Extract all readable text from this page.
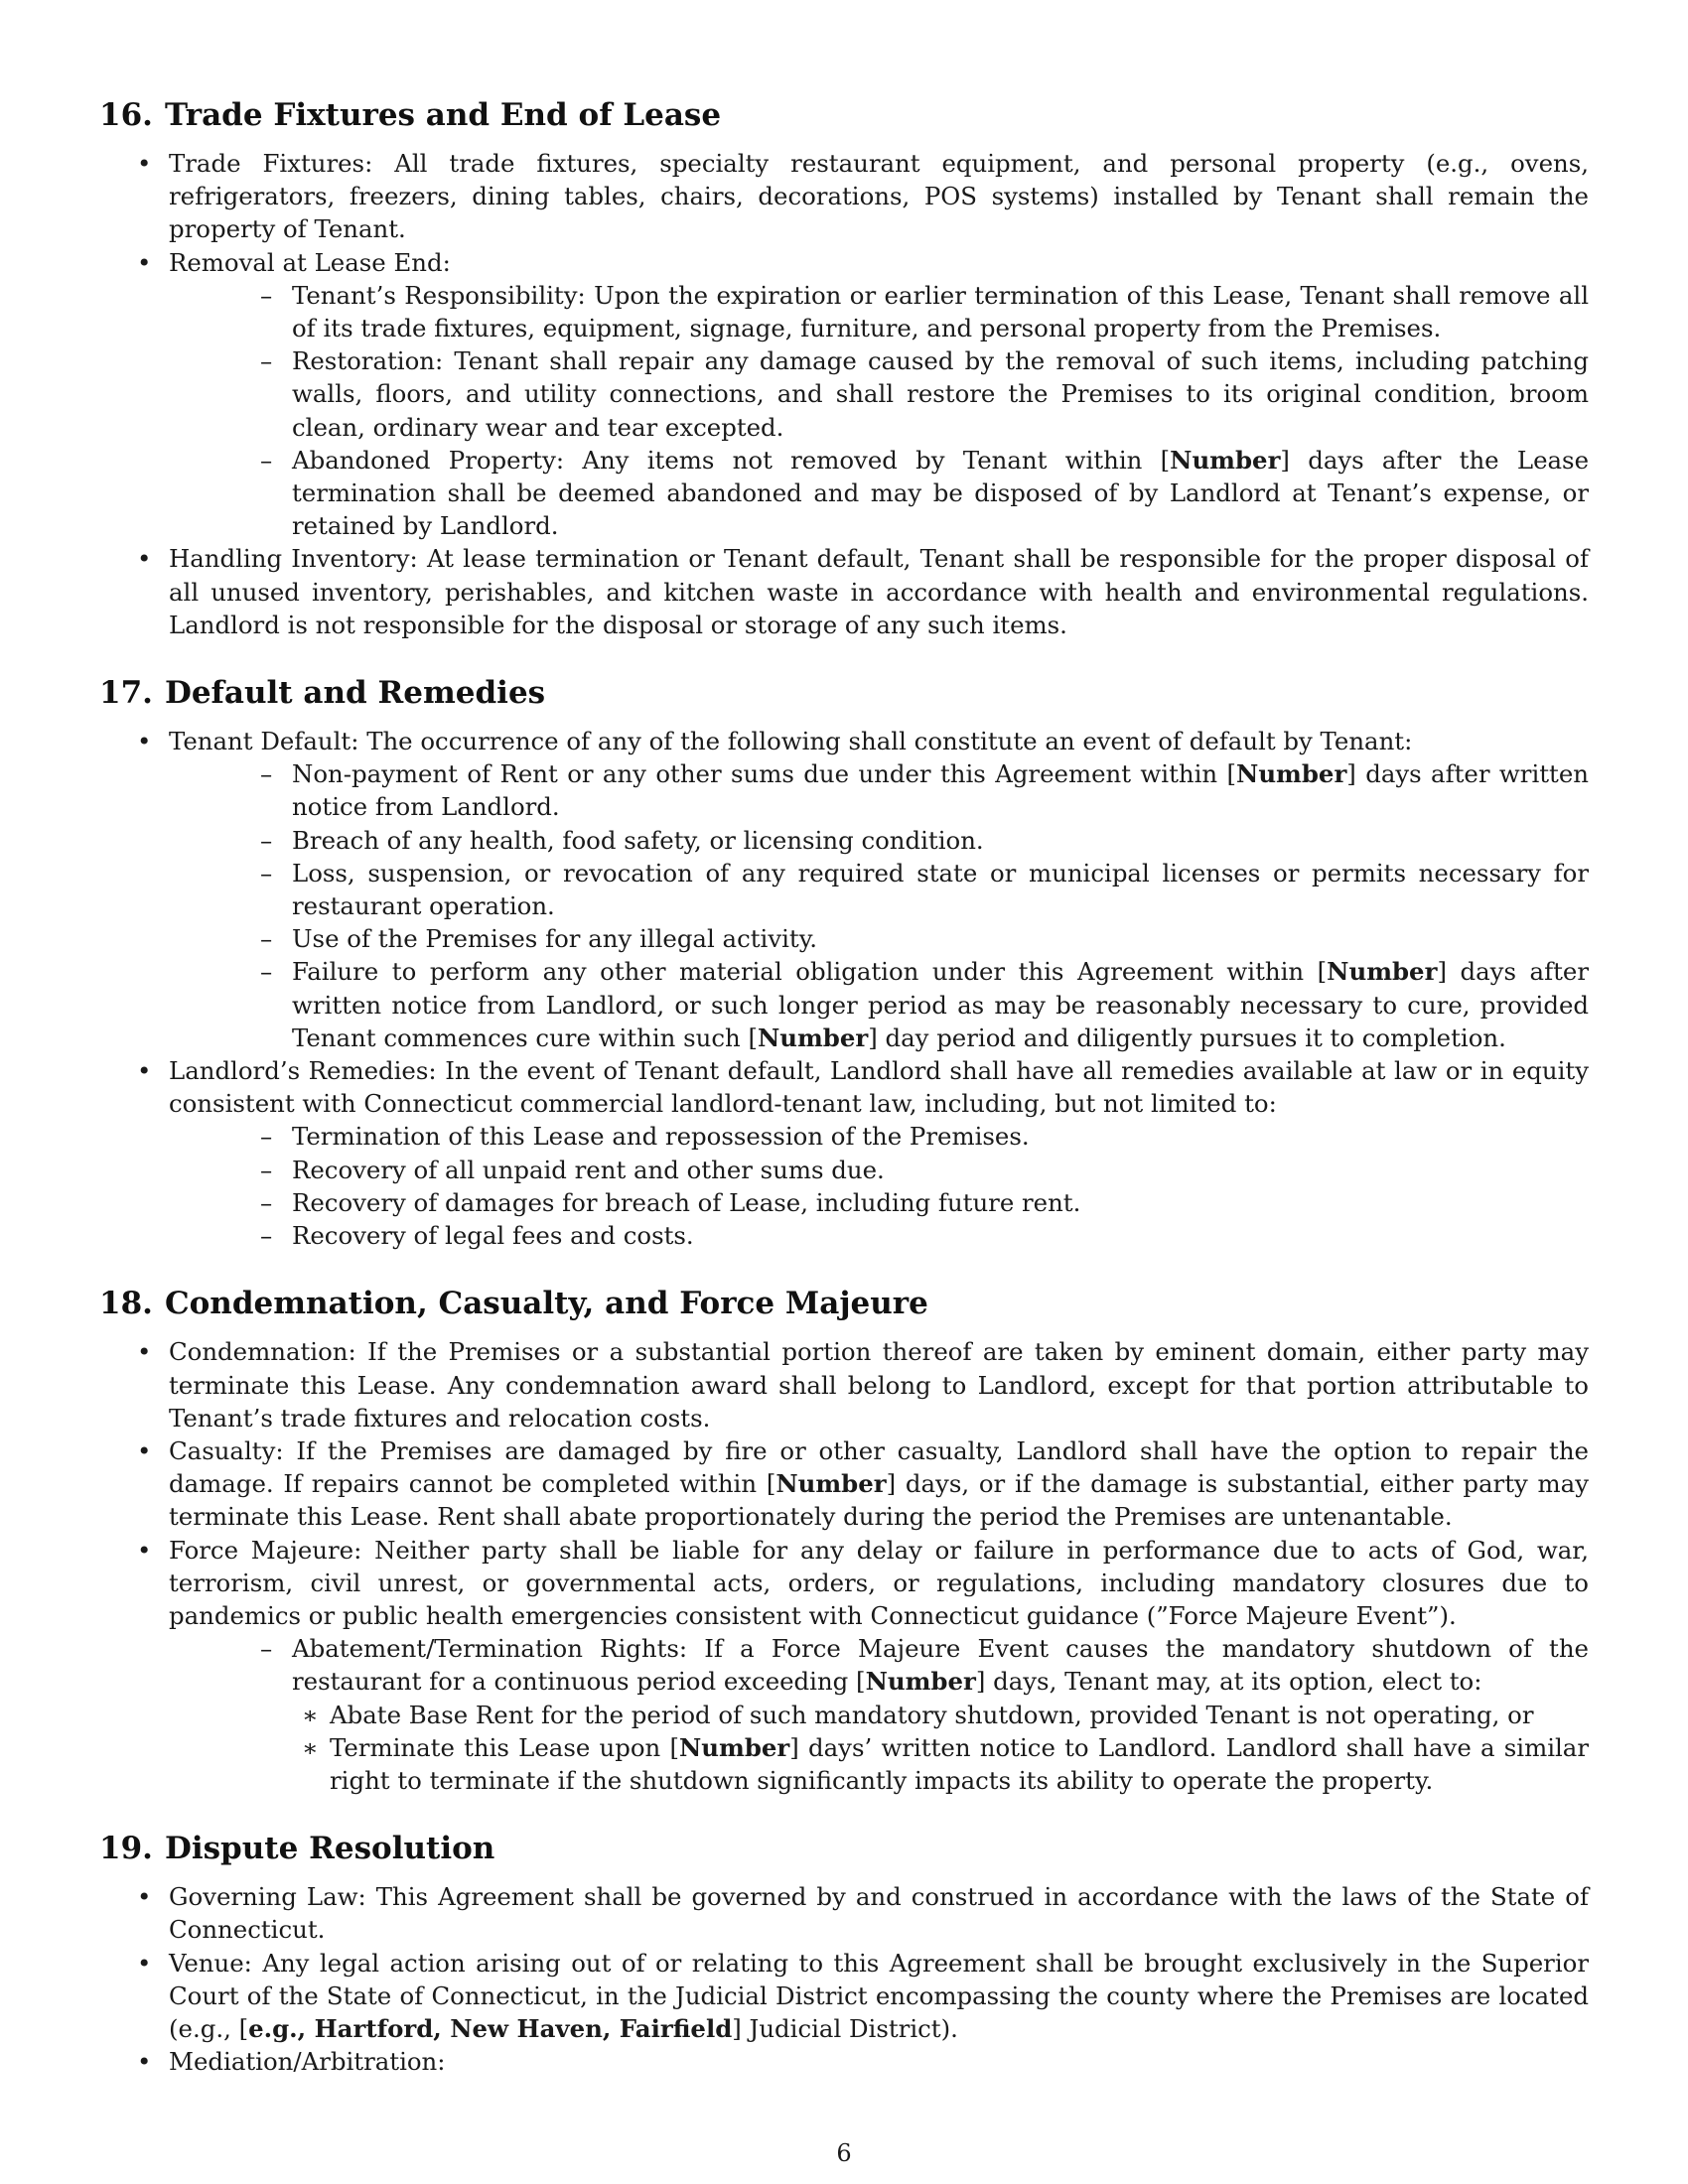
16. Trade Fixtures and End of Lease
• Trade Fixtures: All trade fixtures, specialty restaurant equipment, and personal property (e.g., ovens, refrigerators, freezers, dining tables, chairs, decorations, POS systems) installed by Tenant shall remain the property of Tenant.
• Removal at Lease End:
– Tenant’s Responsibility: Upon the expiration or earlier termination of this Lease, Tenant shall remove all of its trade fixtures, equipment, signage, furniture, and personal property from the Premises.
– Restoration: Tenant shall repair any damage caused by the removal of such items, including patching walls, floors, and utility connections, and shall restore the Premises to its original condition, broom clean, ordinary wear and tear excepted.
– Abandoned Property: Any items not removed by Tenant within [Number] days after the Lease termination shall be deemed abandoned and may be disposed of by Landlord at Tenant’s expense, or retained by Landlord.
• Handling Inventory: At lease termination or Tenant default, Tenant shall be responsible for the proper disposal of all unused inventory, perishables, and kitchen waste in accordance with health and environmental regulations. Landlord is not responsible for the disposal or storage of any such items.
17. Default and Remedies
• Tenant Default: The occurrence of any of the following shall constitute an event of default by Tenant:
– Non-payment of Rent or any other sums due under this Agreement within [Number] days after written notice from Landlord.
– Breach of any health, food safety, or licensing condition.
– Loss, suspension, or revocation of any required state or municipal licenses or permits necessary for restaurant operation.
– Use of the Premises for any illegal activity.
– Failure to perform any other material obligation under this Agreement within [Number] days after written notice from Landlord, or such longer period as may be reasonably necessary to cure, provided Tenant commences cure within such [Number] day period and diligently pursues it to completion.
• Landlord’s Remedies: In the event of Tenant default, Landlord shall have all remedies available at law or in equity consistent with Connecticut commercial landlord-tenant law, including, but not limited to:
– Termination of this Lease and repossession of the Premises.
– Recovery of all unpaid rent and other sums due.
– Recovery of damages for breach of Lease, including future rent.
– Recovery of legal fees and costs.
18. Condemnation, Casualty, and Force Majeure
• Condemnation: If the Premises or a substantial portion thereof are taken by eminent domain, either party may terminate this Lease. Any condemnation award shall belong to Landlord, except for that portion attributable to Tenant’s trade fixtures and relocation costs.
• Casualty: If the Premises are damaged by fire or other casualty, Landlord shall have the option to repair the damage. If repairs cannot be completed within [Number] days, or if the damage is substantial, either party may terminate this Lease. Rent shall abate proportionately during the period the Premises are untenantable.
• Force Majeure: Neither party shall be liable for any delay or failure in performance due to acts of God, war, terrorism, civil unrest, or governmental acts, orders, or regulations, including mandatory closures due to pandemics or public health emergencies consistent with Connecticut guidance (”Force Majeure Event”).
– Abatement/Termination Rights: If a Force Majeure Event causes the mandatory shutdown of the restaurant for a continuous period exceeding [Number] days, Tenant may, at its option, elect to:
∗ Abate Base Rent for the period of such mandatory shutdown, provided Tenant is not operating, or
∗ Terminate this Lease upon [Number] days’ written notice to Landlord. Landlord shall have a similar right to terminate if the shutdown significantly impacts its ability to operate the property.
19. Dispute Resolution
• Governing Law: This Agreement shall be governed by and construed in accordance with the laws of the State of Connecticut.
• Venue: Any legal action arising out of or relating to this Agreement shall be brought exclusively in the Superior Court of the State of Connecticut, in the Judicial District encompassing the county where the Premises are located (e.g., [e.g., Hartford, New Haven, Fairfield] Judicial District).
• Mediation/Arbitration:
6
